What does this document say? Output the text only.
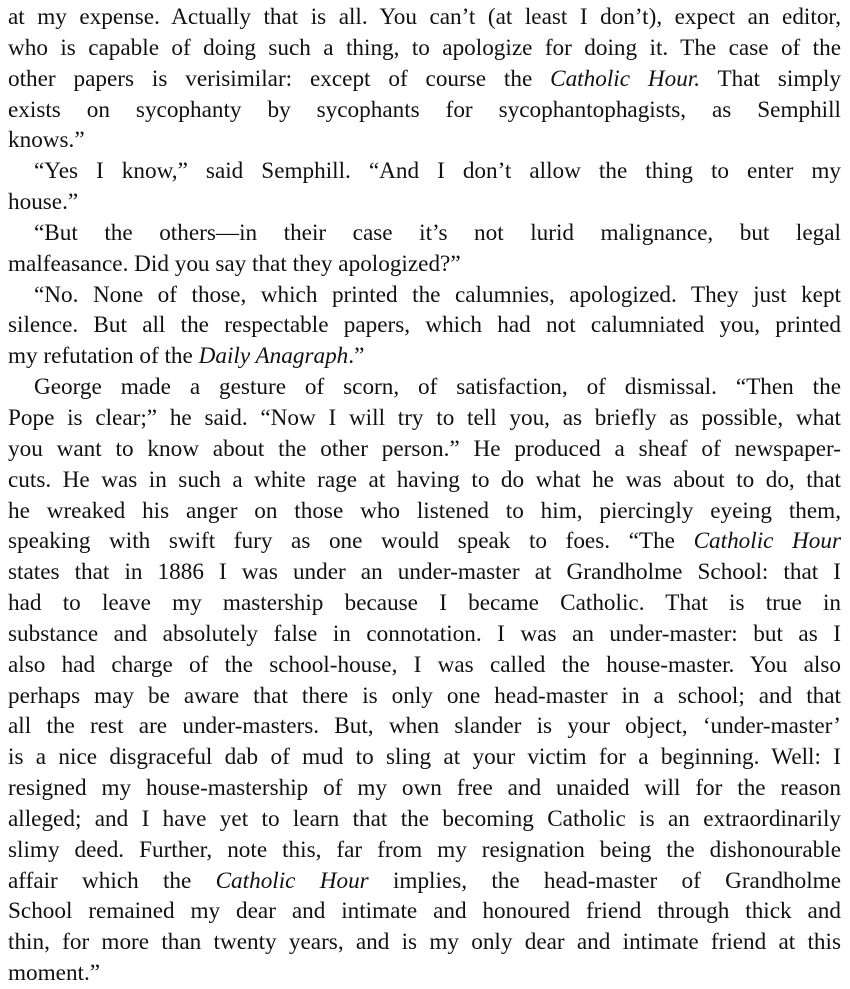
at my expense. Actually that is all. You can’t (at least I don’t), expect an editor,
who is capable of doing such a thing, to apologize for doing it. The case of the
other papers is verisimilar: except of course the Catholic Hour. That simply
exists on sycophanty by sycophants for sycophantophagists, as Semphill
knows.”
“Yes I know,” said Semphill. “And I don’t allow the thing to enter my
house.”
“But the others—in their case it’s not lurid malignance, but legal
malfeasance. Did you say that they apologized?”
“No. None of those, which printed the calumnies, apologized. They just kept
silence. But all the respectable papers, which had not calumniated you, printed
my refutation of the Daily Anagraph.”
George made a gesture of scorn, of satisfaction, of dismissal. “Then the
Pope is clear;” he said. “Now I will try to tell you, as briefly as possible, what
you want to know about the other person.” He produced a sheaf of newspaper-
cuts. He was in such a white rage at having to do what he was about to do, that
he wreaked his anger on those who listened to him, piercingly eyeing them,
speaking with swift fury as one would speak to foes. “The Catholic Hour
states that in 1886 I was under an under-master at Grandholme School: that I
had to leave my mastership because I became Catholic. That is true in
substance and absolutely false in connotation. I was an under-master: but as I
also had charge of the school-house, I was called the house-master. You also
perhaps may be aware that there is only one head-master in a school; and that
all the rest are under-masters. But, when slander is your object, ‘under-master’
is a nice disgraceful dab of mud to sling at your victim for a beginning. Well: I
resigned my house-mastership of my own free and unaided will for the reason
alleged; and I have yet to learn that the becoming Catholic is an extraordinarily
slimy deed. Further, note this, far from my resignation being the dishonourable
affair which the Catholic Hour implies, the head-master of Grandholme
School remained my dear and intimate and honoured friend through thick and
thin, for more than twenty years, and is my only dear and intimate friend at this
moment.”
